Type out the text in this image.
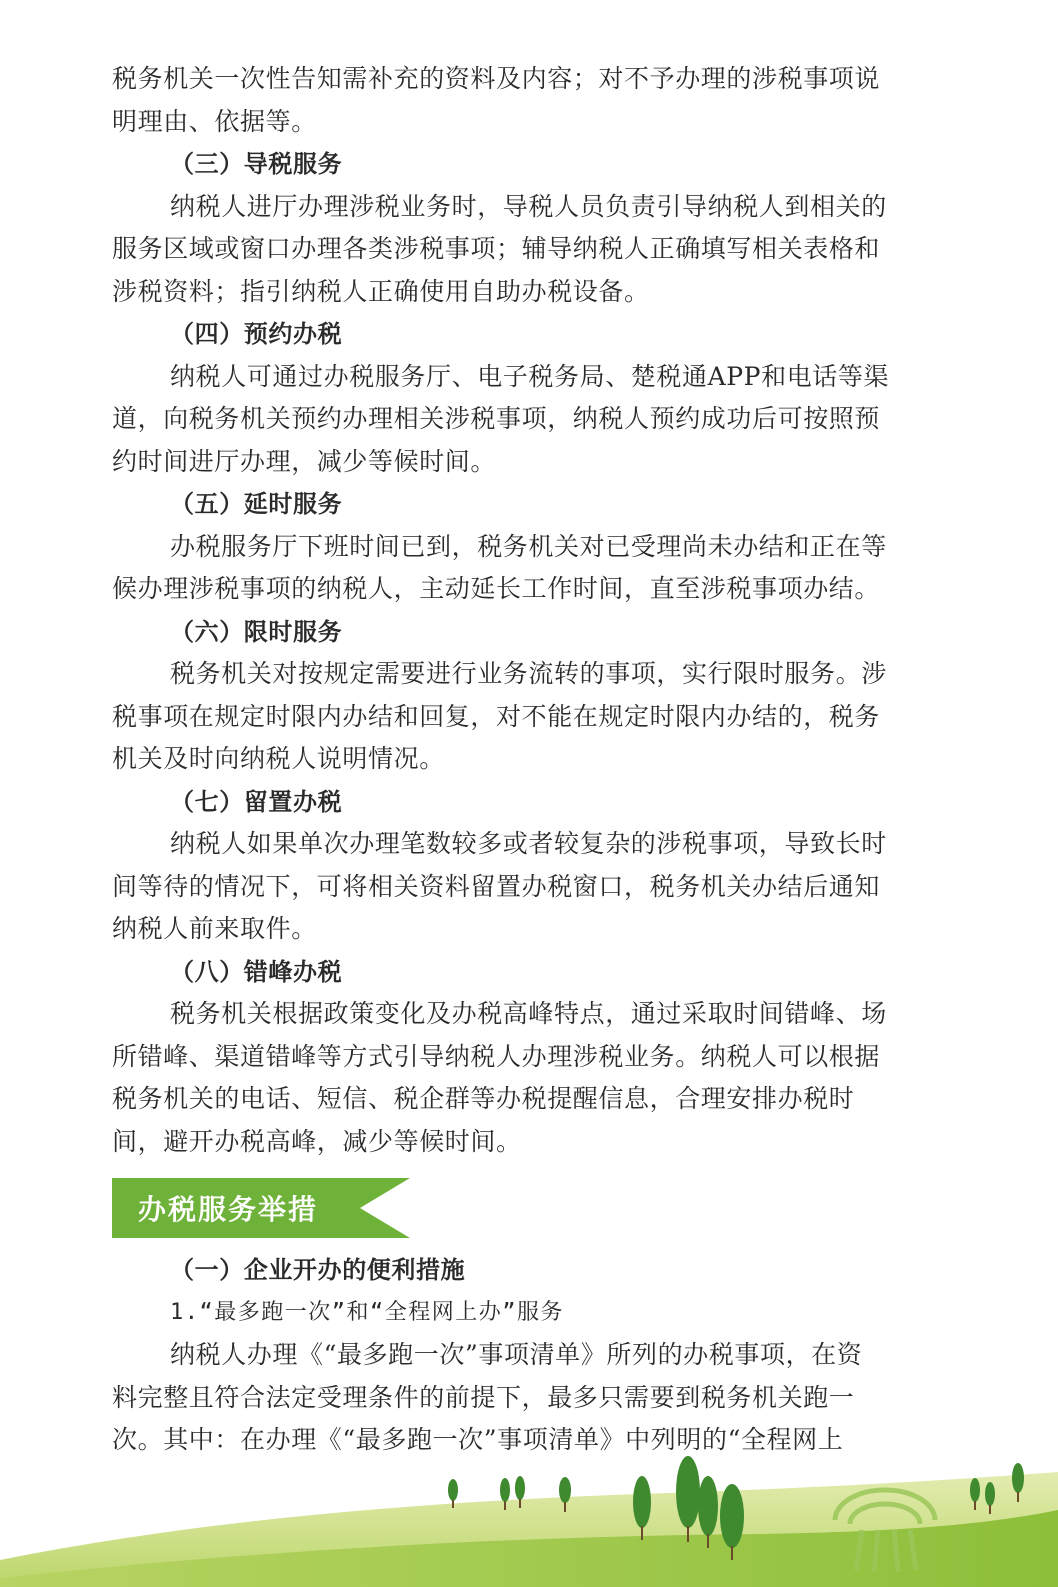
税务机关一次性告知需补充的资料及内容；对不予办理的涉税事项说
明理由、依据等。
（三）导税服务
纳税人进厅办理涉税业务时，导税人员负责引导纳税人到相关的
服务区域或窗口办理各类涉税事项；辅导纳税人正确填写相关表格和
涉税资料；指引纳税人正确使用自助办税设备。
（四）预约办税
纳税人可通过办税服务厅、电子税务局、楚税通APP和电话等渠
道，向税务机关预约办理相关涉税事项，纳税人预约成功后可按照预
约时间进厅办理，减少等候时间。
（五）延时服务
办税服务厅下班时间已到，税务机关对已受理尚未办结和正在等
候办理涉税事项的纳税人，主动延长工作时间，直至涉税事项办结。
（六）限时服务
税务机关对按规定需要进行业务流转的事项，实行限时服务。涉
税事项在规定时限内办结和回复，对不能在规定时限内办结的，税务
机关及时向纳税人说明情况。
（七）留置办税
纳税人如果单次办理笔数较多或者较复杂的涉税事项，导致长时
间等待的情况下，可将相关资料留置办税窗口，税务机关办结后通知
纳税人前来取件。
（八）错峰办税
税务机关根据政策变化及办税高峰特点，通过采取时间错峰、场
所错峰、渠道错峰等方式引导纳税人办理涉税业务。纳税人可以根据
税务机关的电话、短信、税企群等办税提醒信息，合理安排办税时
间，避开办税高峰，减少等候时间。
办税服务举措
（一）企业开办的便利措施
1.“最多跑一次”和“全程网上办”服务
纳税人办理《“最多跑一次”事项清单》所列的办税事项，在资
料完整且符合法定受理条件的前提下，最多只需要到税务机关跑一
次。其中：在办理《“最多跑一次”事项清单》中列明的“全程网上
